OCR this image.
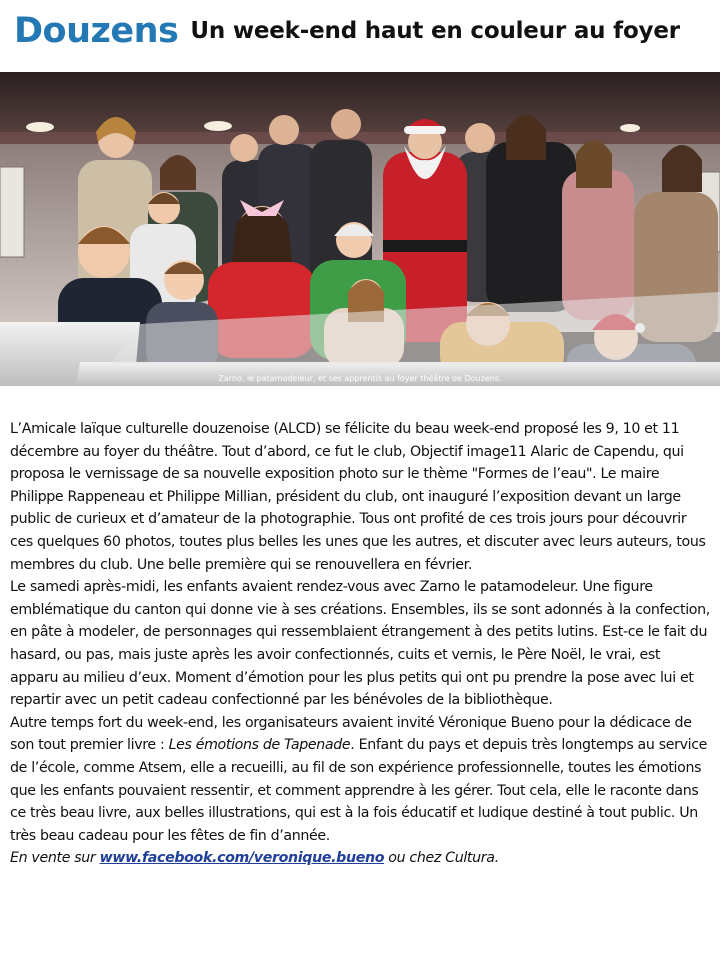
Douzens Un week-end haut en couleur au foyer
Zarno, le patamodeleur, et ses apprentis au foyer théâtre de Douzens.

L’Amicale laïque culturelle douzenoise (ALCD) se félicite du beau week-end proposé les 9, 10 et 11 décembre au foyer du théâtre. Tout d’abord, ce fut le club, Objectif image11 Alaric de Capendu, qui proposa le vernissage de sa nouvelle exposition photo sur le thème "Formes de l’eau". Le maire Philippe Rappeneau et Philippe Millian, président du club, ont inauguré l’exposition devant un large public de curieux et d’amateur de la photographie. Tous ont profité de ces trois jours pour découvrir ces quelques 60 photos, toutes plus belles les unes que les autres, et discuter avec leurs auteurs, tous membres du club. Une belle première qui se renouvellera en février.

Le samedi après-midi, les enfants avaient rendez-vous avec Zarno le patamodeleur. Une figure emblématique du canton qui donne vie à ses créations. Ensembles, ils se sont adonnés à la confection, en pâte à modeler, de personnages qui ressemblaient étrangement à des petits lutins. Est-ce le fait du hasard, ou pas, mais juste après les avoir confectionnés, cuits et vernis, le Père Noël, le vrai, est apparu au milieu d’eux. Moment d’émotion pour les plus petits qui ont pu prendre la pose avec lui et repartir avec un petit cadeau confectionné par les bénévoles de la bibliothèque.

Autre temps fort du week-end, les organisateurs avaient invité Véronique Bueno pour la dédicace de son tout premier livre : Les émotions de Tapenade. Enfant du pays et depuis très longtemps au service de l’école, comme Atsem, elle a recueilli, au fil de son expérience professionnelle, toutes les émotions que les enfants pouvaient ressentir, et comment apprendre à les gérer. Tout cela, elle le raconte dans ce très beau livre, aux belles illustrations, qui est à la fois éducatif et ludique destiné à tout public. Un très beau cadeau pour les fêtes de fin d’année.

En vente sur www.facebook.com/veronique.bueno ou chez Cultura.
